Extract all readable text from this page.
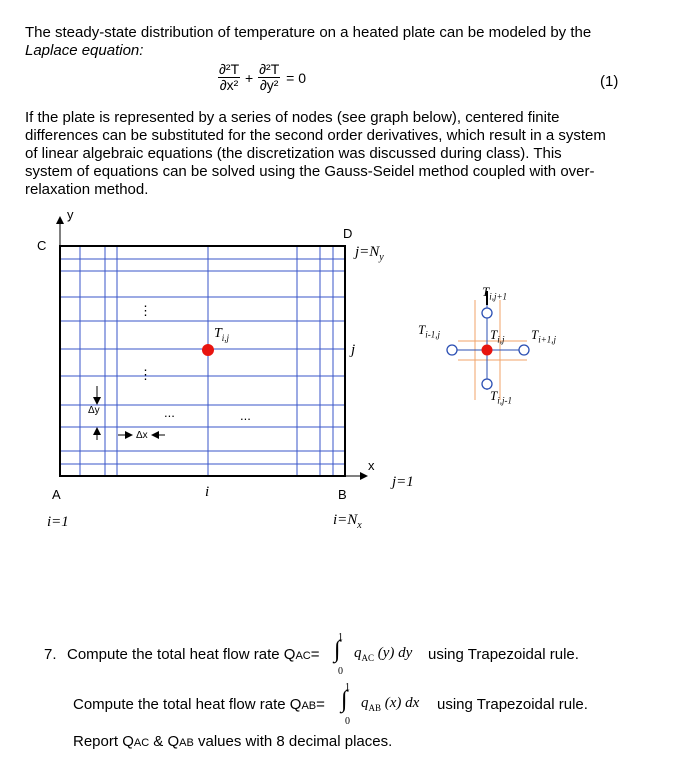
The steady-state distribution of temperature on a heated plate can be modeled by the
Laplace equation:
$\frac{\text{∂²T}}{\text{∂x²}} + \frac{\text{∂²T}}{\text{∂y²}} = 0$	(1)
If the plate is represented by a series of nodes (see graph below), centered finite
differences can be substituted for the second order derivatives, which result in a system
of linear algebraic equations (the discretization was discussed during class). This
system of equations can be solved using the Gauss-Seidel method coupled with over-
relaxation method.
y
C
D
$j=N_y$
$T_{i,j}$
j
⋮
⋮
...	...
Δy
Δx
x
j=1
A	i	B
i=1	$i=N_x$
$T_{i,j+1}$
$T_{i-1,j}$	$T_{i,j}$ $T_{i+1,j}$
$T_{i,j-1}$
7. Compute the total heat flow rate QAC=
1
∫
0
$q_{AC}$ (y) dy using Trapezoidal rule.
Compute the total heat flow rate QAB=
1
∫
0
$q_{AB}$ (x) dx using Trapezoidal rule.
Report QAC & QAB values with 8 decimal places.
